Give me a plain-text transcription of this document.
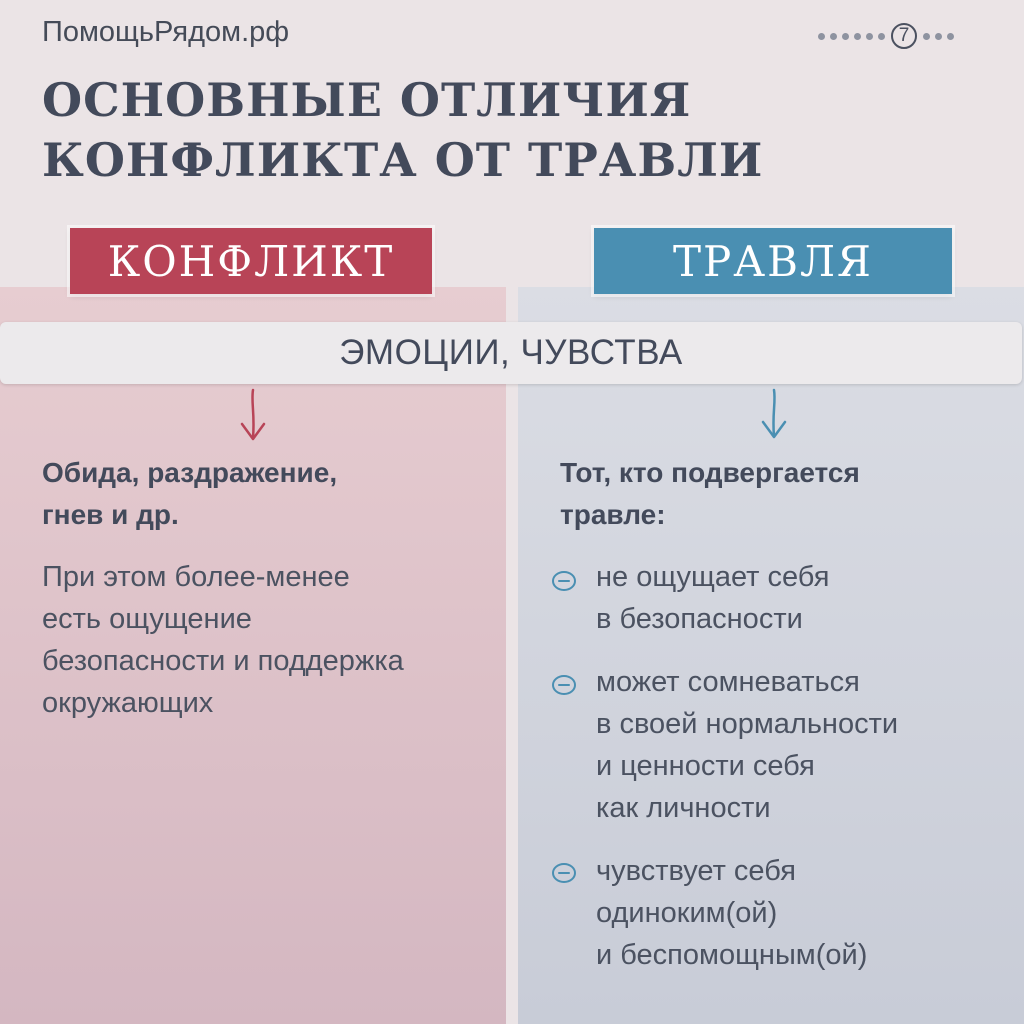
ПомощьРядом.рф	7
ОСНОВНЫЕ ОТЛИЧИЯ
КОНФЛИКТА ОТ ТРАВЛИ
КОНФЛИКТ	ТРАВЛЯ
ЭМОЦИИ, ЧУВСТВА
Обида, раздражение,
гнев и др.
При этом более-менее
есть ощущение
безопасности и поддержка
окружающих
Тот, кто подвергается
травле:
не ощущает себя
в безопасности
может сомневаться
в своей нормальности
и ценности себя
как личности
чувствует себя
одиноким(ой)
и беспомощным(ой)
